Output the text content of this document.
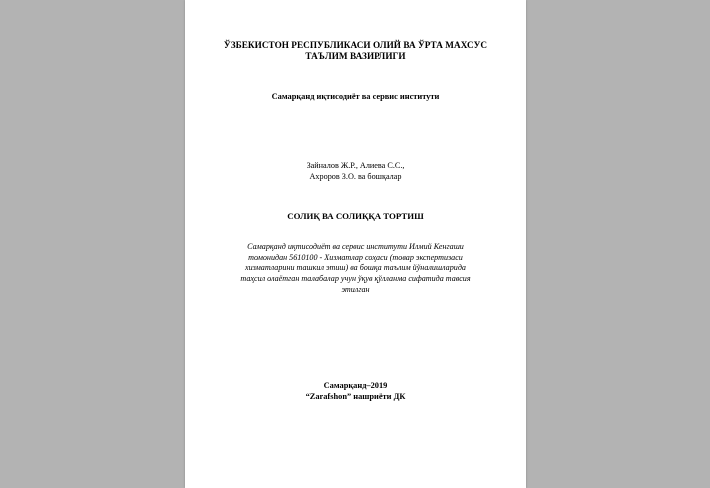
ЎЗБЕКИСТОН РЕСПУБЛИКАСИ ОЛИЙ ВА ЎРТА МАХСУС
ТАЪЛИМ ВАЗИРЛИГИ
Самарқанд иқтисодиёт ва сервис институти
Зайналов Ж.Р., Алиева С.С.,
Ахроров З.О. ва бошқалар
СОЛИҚ ВА СОЛИҚҚА ТОРТИШ
Самарқанд иқтисодиёт ва сервис институти Илмий Кенгаши
томонидан 5610100 - Хизматлар соҳаси (товар экспертизаси
хизматларини ташкил этиш) ва бошқа таълим йўналишларида
таҳсил олаётган талабалар учун ўқув қўлланма сифатида тавсия
этилган
Самарқанд–2019
“Zarafshon” нашриёти ДК
